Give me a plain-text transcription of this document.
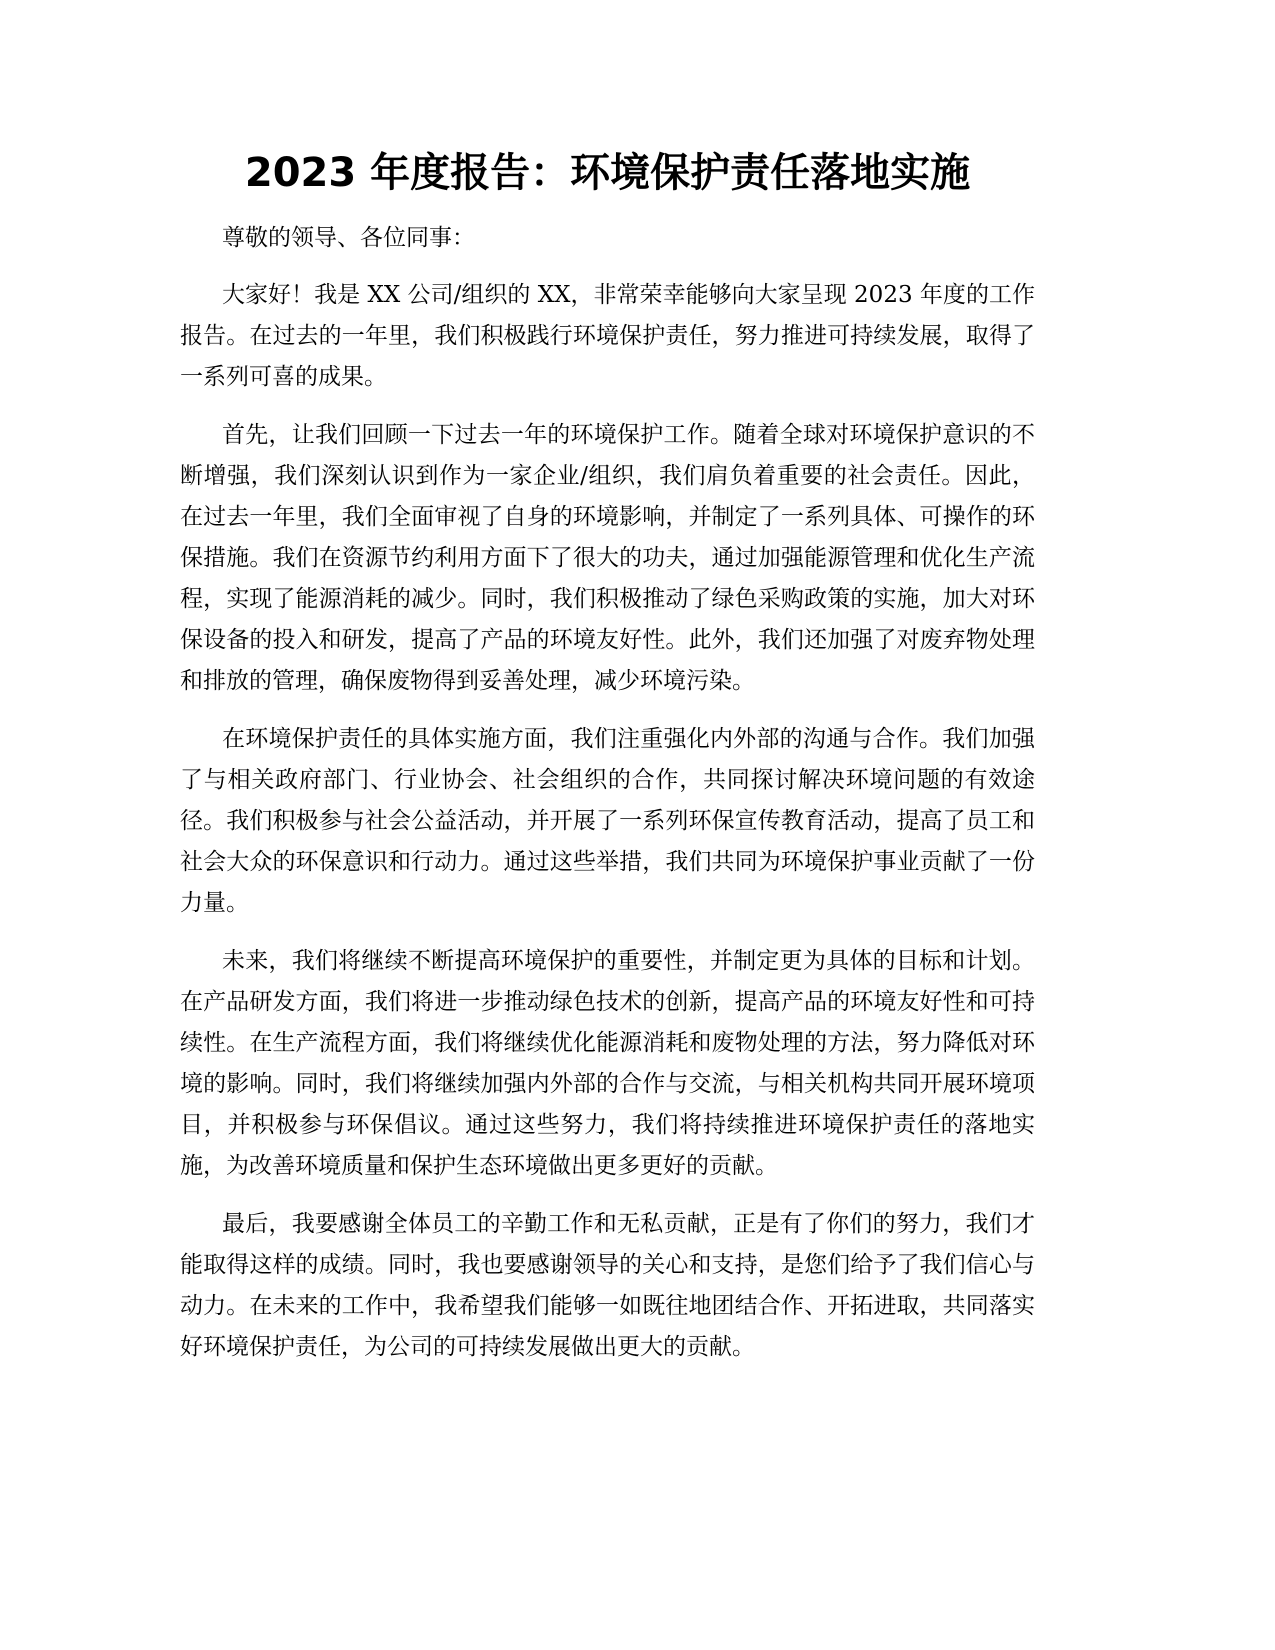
2023 年度报告：环境保护责任落地实施

尊敬的领导、各位同事：

大家好！我是 XX 公司/组织的 XX，非常荣幸能够向大家呈现 2023 年度的工作报告。在过去的一年里，我们积极践行环境保护责任，努力推进可持续发展，取得了一系列可喜的成果。

首先，让我们回顾一下过去一年的环境保护工作。随着全球对环境保护意识的不断增强，我们深刻认识到作为一家企业/组织，我们肩负着重要的社会责任。因此，在过去一年里，我们全面审视了自身的环境影响，并制定了一系列具体、可操作的环保措施。我们在资源节约利用方面下了很大的功夫，通过加强能源管理和优化生产流程，实现了能源消耗的减少。同时，我们积极推动了绿色采购政策的实施，加大对环保设备的投入和研发，提高了产品的环境友好性。此外，我们还加强了对废弃物处理和排放的管理，确保废物得到妥善处理，减少环境污染。

在环境保护责任的具体实施方面，我们注重强化内外部的沟通与合作。我们加强了与相关政府部门、行业协会、社会组织的合作，共同探讨解决环境问题的有效途径。我们积极参与社会公益活动，并开展了一系列环保宣传教育活动，提高了员工和社会大众的环保意识和行动力。通过这些举措，我们共同为环境保护事业贡献了一份力量。

未来，我们将继续不断提高环境保护的重要性，并制定更为具体的目标和计划。在产品研发方面，我们将进一步推动绿色技术的创新，提高产品的环境友好性和可持续性。在生产流程方面，我们将继续优化能源消耗和废物处理的方法，努力降低对环境的影响。同时，我们将继续加强内外部的合作与交流，与相关机构共同开展环境项目，并积极参与环保倡议。通过这些努力，我们将持续推进环境保护责任的落地实施，为改善环境质量和保护生态环境做出更多更好的贡献。

最后，我要感谢全体员工的辛勤工作和无私贡献，正是有了你们的努力，我们才能取得这样的成绩。同时，我也要感谢领导的关心和支持，是您们给予了我们信心与动力。在未来的工作中，我希望我们能够一如既往地团结合作、开拓进取，共同落实好环境保护责任，为公司的可持续发展做出更大的贡献。
